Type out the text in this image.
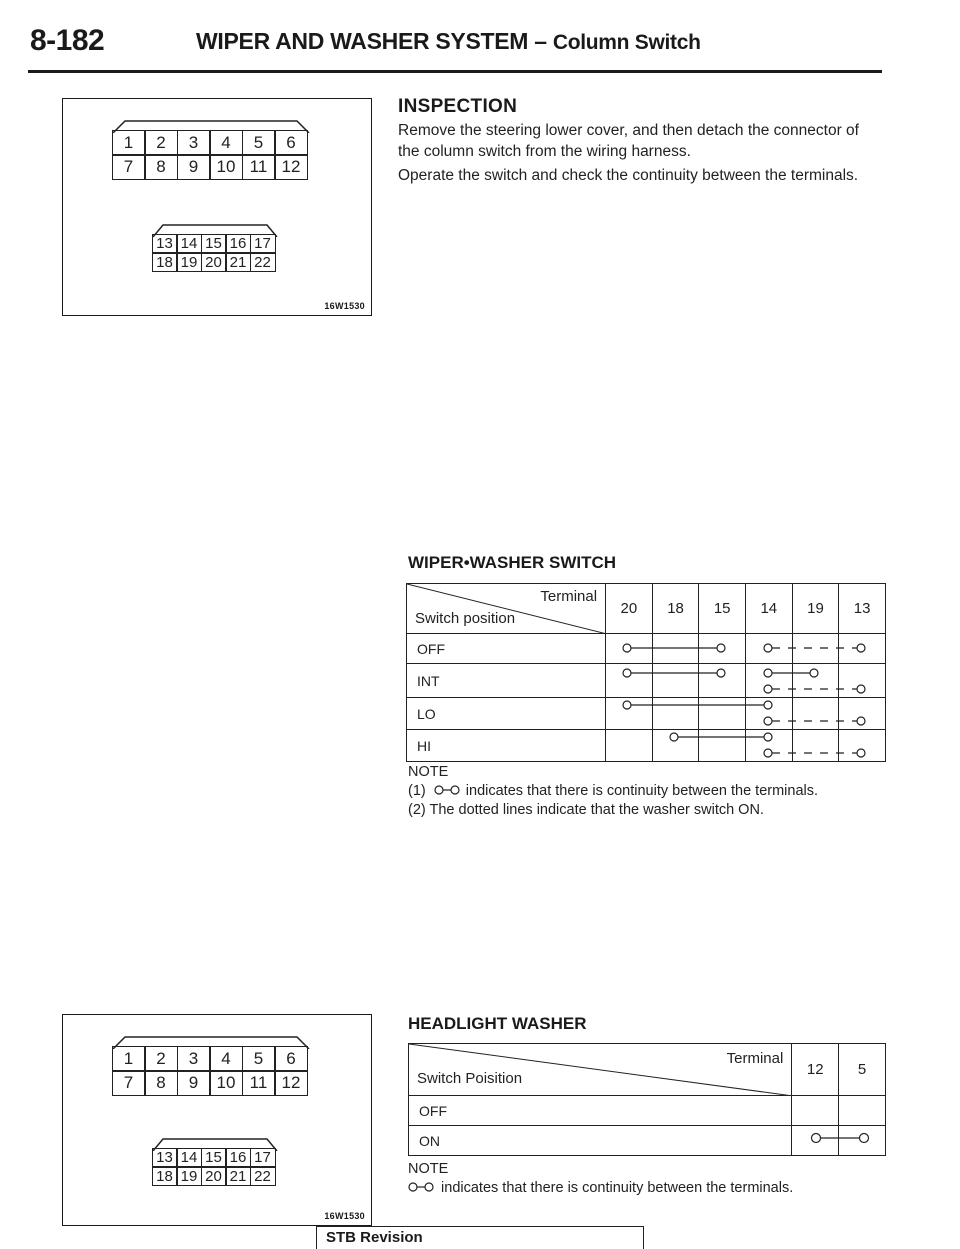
8-182	WIPER AND WASHER SYSTEM – Column Switch
1	2	3	4	5	6
7	8	9	10 11 12
13 14 15 16 17
18 19 20 21 22
16W1530
INSPECTION
Remove the steering lower cover, and then detach the connector of the column switch from the wiring harness.
Operate the switch and check the continuity between the terminals.
WIPER•WASHER SWITCH
Terminal
Switch position	20	18	15	14	19	13
OFF						
INT						
LO						
HI						
NOTE
(1)	indicates that there is continuity between the terminals.
(2) The dotted lines indicate that the washer switch ON.
1	2	3	4	5	6
7	8	9	10 11 12
13 14 15 16 17
18 19 20 21 22
16W1530
HEADLIGHT WASHER
Terminal
Switch Poisition	12	5
OFF		
ON		
NOTE
indicates that there is continuity between the terminals.
STB Revision
